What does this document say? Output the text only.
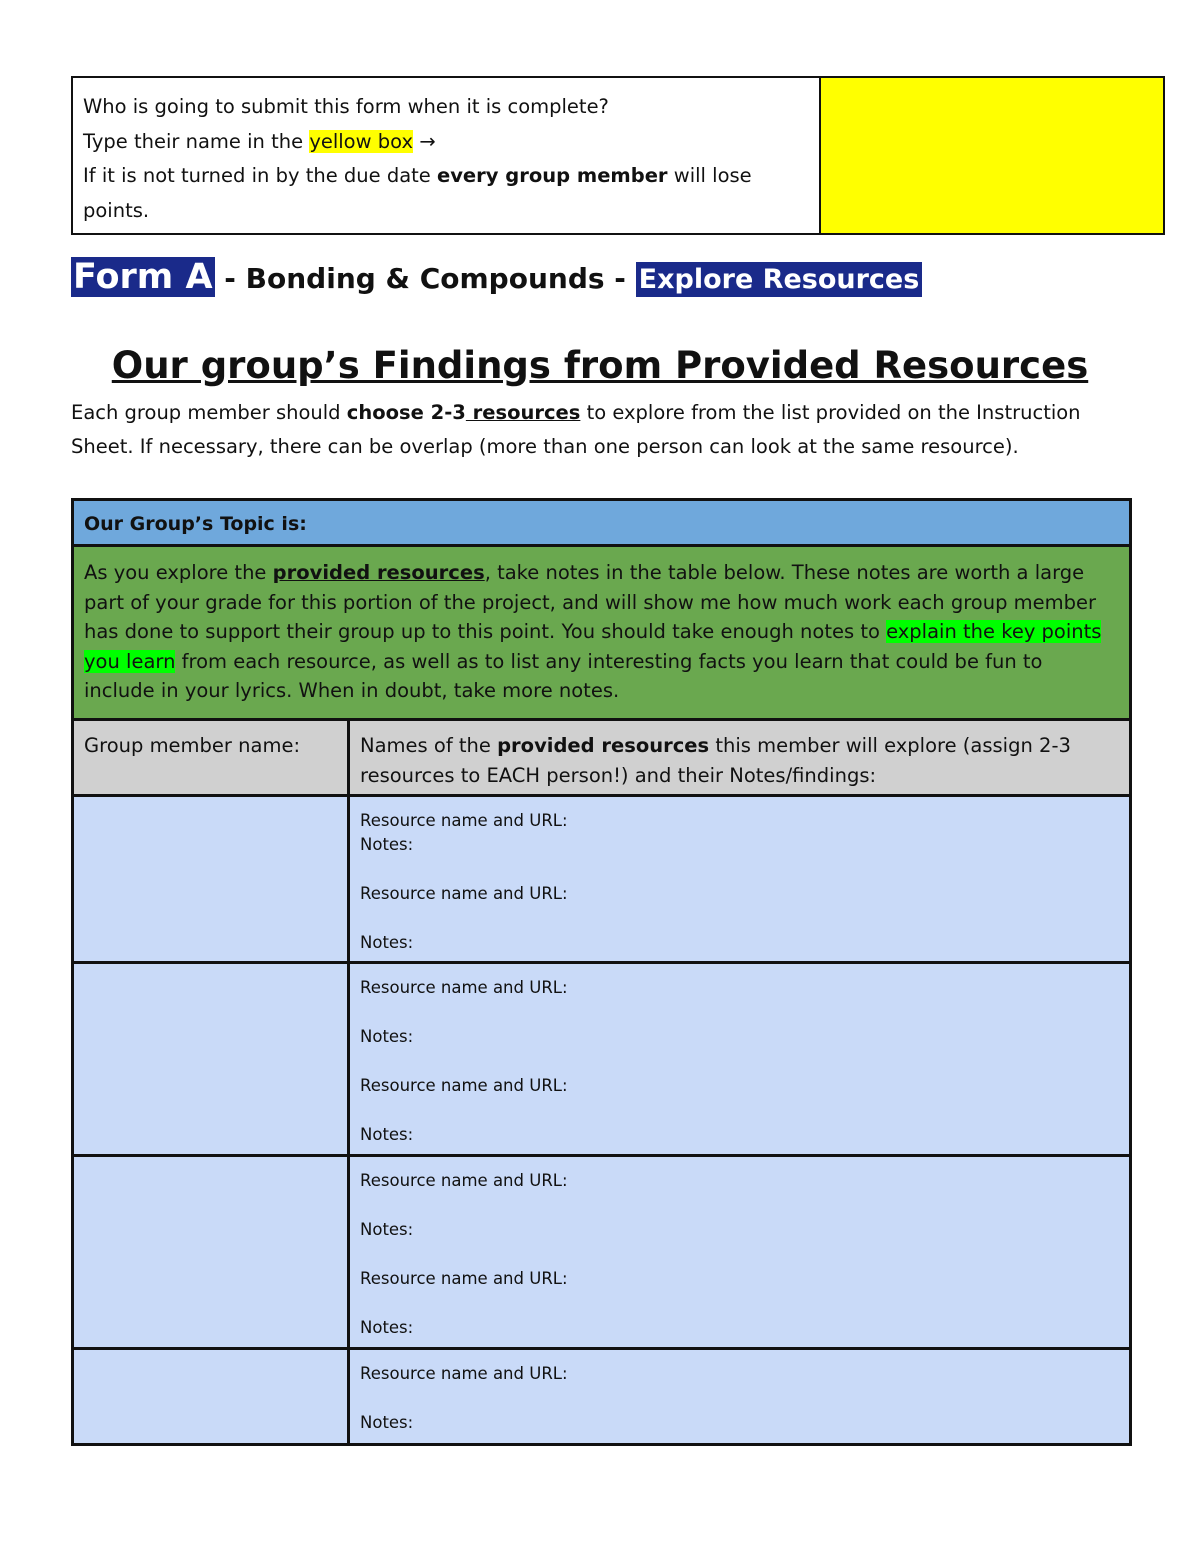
Who is going to submit this form when it is complete?
Type their name in the yellow box →
If it is not turned in by the due date every group member will lose points.
Form A - Bonding & Compounds - Explore Resources
Our group’s Findings from Provided Resources
Each group member should choose 2-3 resources to explore from the list provided on the Instruction Sheet. If necessary, there can be overlap (more than one person can look at the same resource).
Our Group’s Topic is:	
As you explore the provided resources, take notes in the table below. These notes are worth a large part of your grade for this portion of the project, and will show me how much work each group member has done to support their group up to this point. You should take enough notes to explain the key points you learn from each resource, as well as to list any interesting facts you learn that could be fun to include in your lyrics. When in doubt, take more notes.	
Group member name:	Names of the provided resources this member will explore (assign 2-3 resources to EACH person!) and their Notes/findings:

	Resource name and URL:
Notes:
Resource name and URL:
Notes:

	Resource name and URL:
Notes:
Resource name and URL:
Notes:

	Resource name and URL:
Notes:
Resource name and URL:
Notes:

	Resource name and URL:
Notes:
